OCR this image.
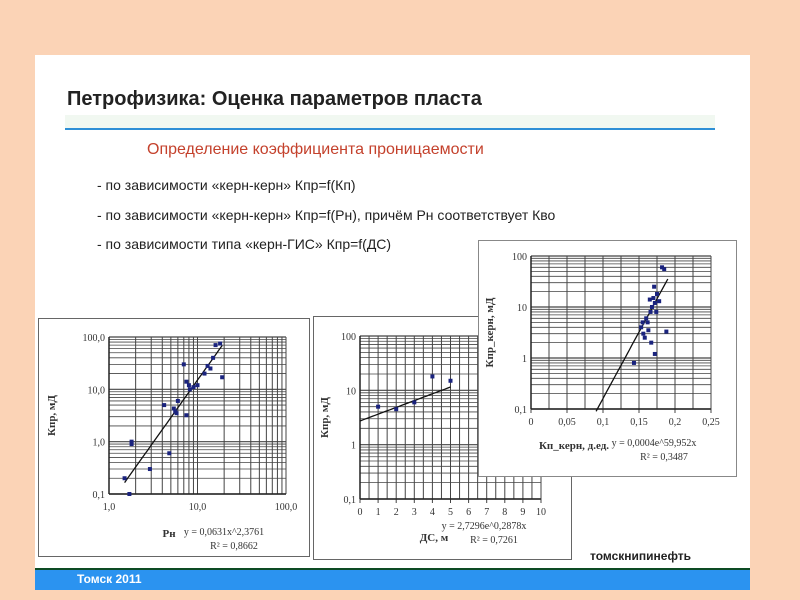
Петрофизика: Оценка параметров пласта
Определение коэффициента проницаемости
- по зависимости «керн-керн» Кпр=f(Кп)
- по зависимости «керн-керн» Кпр=f(Рн), причём Рн соответствует Кво
- по зависимости типа «керн-ГИС» Кпр=f(ДС)
томскнипинефть
Томск 2011
0,1
1,0
10,0
100,0
1,0	10,0	100,0
Рн
Кпр, мД
y = 0,0631x^2,3761
R² = 0,8662
0,1
1
10
100
0 1 2 3 4 5 6 7 8 9 10
ДС, м
Кпр, мД
y = 2,7296e^0,2878x
R² = 0,7261
0,1
1
10
100
0 0,05 0,1 0,15 0,2 0,25
Кп_керн, д.ед.
Кпр_керн, мД
y = 0,0004e^59,952x
R² = 0,3487
